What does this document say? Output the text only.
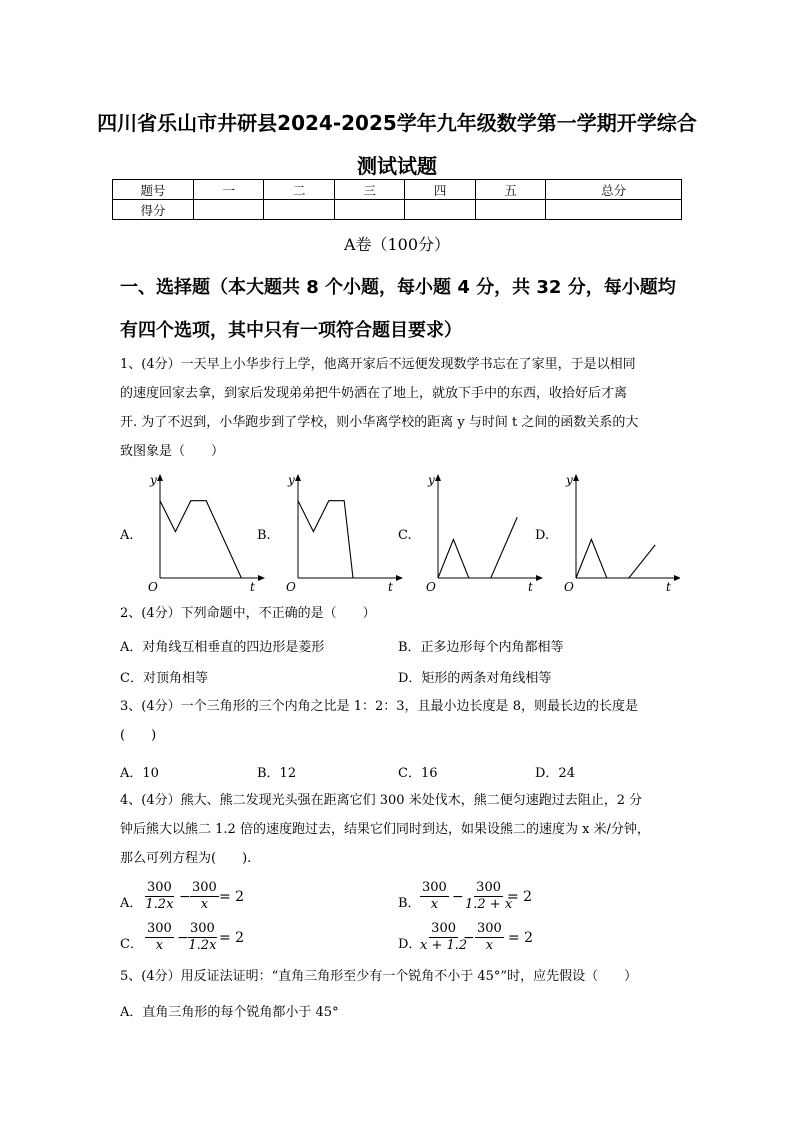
四川省乐山市井研县2024-2025学年九年级数学第一学期开学综合
测试试题
题号	一	二	三	四	五	总分
得分						
A卷（100分）
一、选择题（本大题共 8 个小题，每小题 4 分，共 32 分，每小题均
有四个选项，其中只有一项符合题目要求）
1、(4分）一天早上小华步行上学，他离开家后不远便发现数学书忘在了家里，于是以相同
的速度回家去拿，到家后发现弟弟把牛奶洒在了地上，就放下手中的东西，收拾好后才离
开. 为了不迟到，小华跑步到了学校，则小华离学校的距离 y 与时间 t 之间的函数关系的大
致图象是（　　）
A.	B.	C.	D.
y
t
O
y
t
O
y
t
O
y
t
O
2、(4分）下列命题中，不正确的是（　　）
A．对角线互相垂直的四边形是菱形	B．正多边形每个内角都相等
C．对顶角相等	D．矩形的两条对角线相等
3、(4分）一个三角形的三个内角之比是 1：2：3，且最小边长度是 8，则最长边的长度是
(　　)
A．10	B．12	C．16	D．24
4、(4分）熊大、熊二发现光头强在距离它们 300 米处伐木，熊二便匀速跑过去阻止，2 分
钟后熊大以熊二 1.2 倍的速度跑过去，结果它们同时到达，如果设熊二的速度为 x 米/分钟，
那么可列方程为(　　).
A． $\frac{300}{1.2x} - \frac{300}{x} = 2$	B． $\frac{300}{x} - \frac{300}{1.2 + x}$
= 2
C． $\frac{300}{x} - \frac{300}{1.2x} = 2$	D．
$\frac{300}{x + 1.2}$
− $\frac{300}{x} = 2$
5、(4分）用反证法证明：“直角三角形至少有一个锐角不小于 45°”时，应先假设（　　）
A．直角三角形的每个锐角都小于 45°
